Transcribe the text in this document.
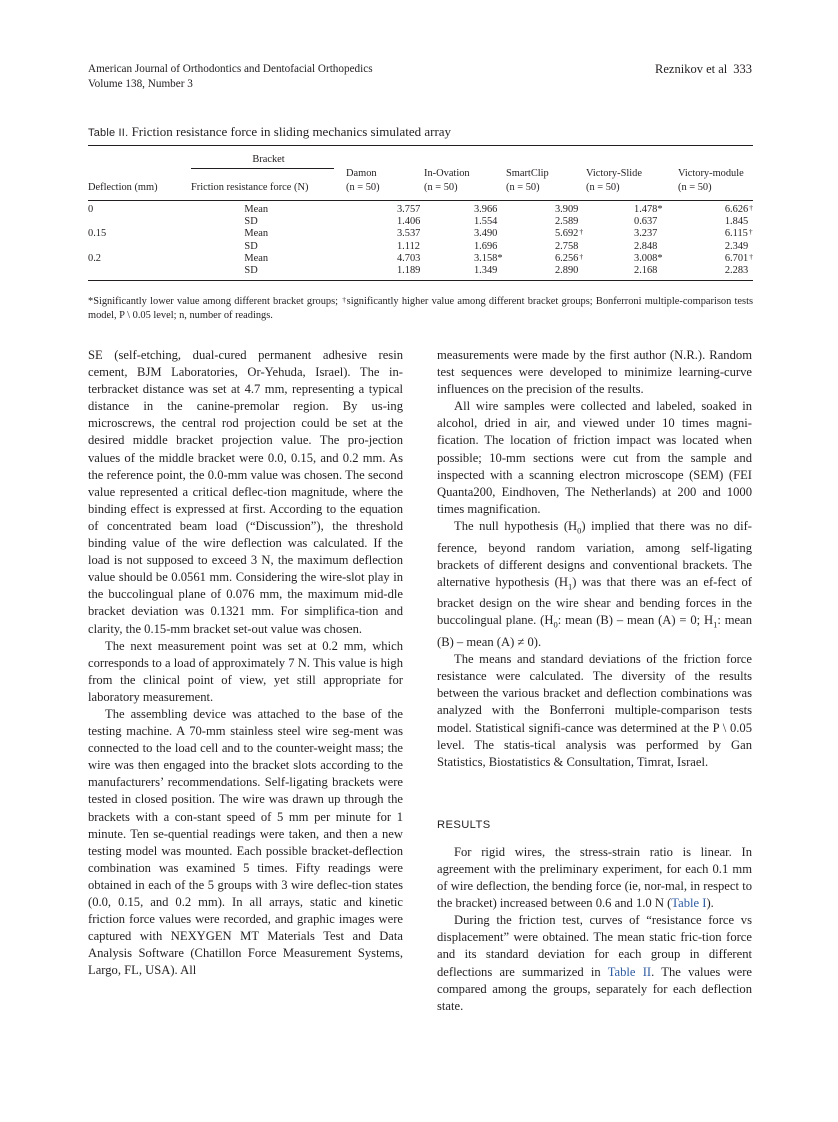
American Journal of Orthodontics and Dentofacial Orthopedics
Volume 138, Number 3
Reznikov et al 333
Table II. Friction resistance force in sliding mechanics simulated array
	Bracket

		Damon	In-Ovation	SmartClip	Victory-Slide	Victory-module
Deflection (mm)	Friction resistance force (N)	(n = 50)	(n = 50)	(n = 50)	(n = 50)	(n = 50)
0	Mean	3.757	3.966	3.909	1.478*	6.626†
	SD	1.406	1.554	2.589	0.637	1.845
0.15	Mean	3.537	3.490	5.692†	3.237	6.115†
	SD	1.112	1.696	2.758	2.848	2.349
0.2	Mean	4.703	3.158*	6.256†	3.008*	6.701†
	SD	1.189	1.349	2.890	2.168	2.283
*Significantly lower value among different bracket groups; †significantly higher value among different bracket groups; Bonferroni multiple-comparison tests model, P \ 0.05 level; n, number of readings.

SE (self-etching, dual-cured permanent adhesive resin cement, BJM Laboratories, Or-Yehuda, Israel). The in-terbracket distance was set at 4.7 mm, representing a typical distance in the canine-premolar region. By us-ing microscrews, the central rod projection could be set at the desired middle bracket projection value. The pro-jection values of the middle bracket were 0.0, 0.15, and 0.2 mm. As the reference point, the 0.0-mm value was chosen. The second value represented a critical deflec-tion magnitude, where the binding effect is expressed at first. According to the equation of concentrated beam load (“Discussion”), the threshold binding value of the wire deflection was calculated. If the load is not supposed to exceed 3 N, the maximum deflection value should be 0.0561 mm. Considering the wire-slot play in the buccolingual plane of 0.076 mm, the maximum mid-dle bracket deviation was 0.1321 mm. For simplifica-tion and clarity, the 0.15-mm bracket set-out value was chosen.

The next measurement point was set at 0.2 mm, which corresponds to a load of approximately 7 N. This value is high from the clinical point of view, yet still appropriate for laboratory measurement.

The assembling device was attached to the base of the testing machine. A 70-mm stainless steel wire seg-ment was connected to the load cell and to the counter-weight mass; the wire was then engaged into the bracket slots according to the manufacturers’ recommendations. Self-ligating brackets were tested in closed position. The wire was drawn up through the brackets with a con-stant speed of 5 mm per minute for 1 minute. Ten se-quential readings were taken, and then a new testing model was mounted. Each possible bracket-deflection combination was examined 5 times. Fifty readings were obtained in each of the 5 groups with 3 wire deflec-tion states (0.0, 0.15, and 0.2 mm). In all arrays, static and kinetic friction force values were recorded, and graphic images were captured with NEXYGEN MT Materials Test and Data Analysis Software (Chatillon Force Measurement Systems, Largo, FL, USA). All

measurements were made by the first author (N.R.). Random test sequences were developed to minimize learning-curve influences on the precision of the results.

All wire samples were collected and labeled, soaked in alcohol, dried in air, and viewed under 10 times magni-fication. The location of friction impact was located when possible; 10-mm sections were cut from the sample and inspected with a scanning electron microscope (SEM) (FEI Quanta200, Eindhoven, The Netherlands) at 200 and 1000 times magnification.

The null hypothesis $(H_0)$ implied that there was no dif-ference, beyond random variation, among self-ligating brackets of different designs and conventional brackets. The alternative hypothesis $(H_1)$ was that there was an ef-fect of bracket design on the wire shear and bending forces in the buccolingual plane. ($H_0$: mean (B) – mean (A) = 0; $H_1$: mean (B) – mean (A) ≠ 0).

The means and standard deviations of the friction force resistance were calculated. The diversity of the results between the various bracket and deflection combinations was analyzed with the Bonferroni multiple-comparison tests model. Statistical signifi-cance was determined at the P \ 0.05 level. The statis-tical analysis was performed by Gan Statistics, Biostatistics & Consultation, Timrat, Israel.

RESULTS

For rigid wires, the stress-strain ratio is linear. In agreement with the preliminary experiment, for each 0.1 mm of wire deflection, the bending force (ie, nor-mal, in respect to the bracket) increased between 0.6 and 1.0 N (Table I).

During the friction test, curves of “resistance force vs displacement” were obtained. The mean static fric-tion force and its standard deviation for each group in different deflections are summarized in Table II. The values were compared among the groups, separately for each deflection state.
